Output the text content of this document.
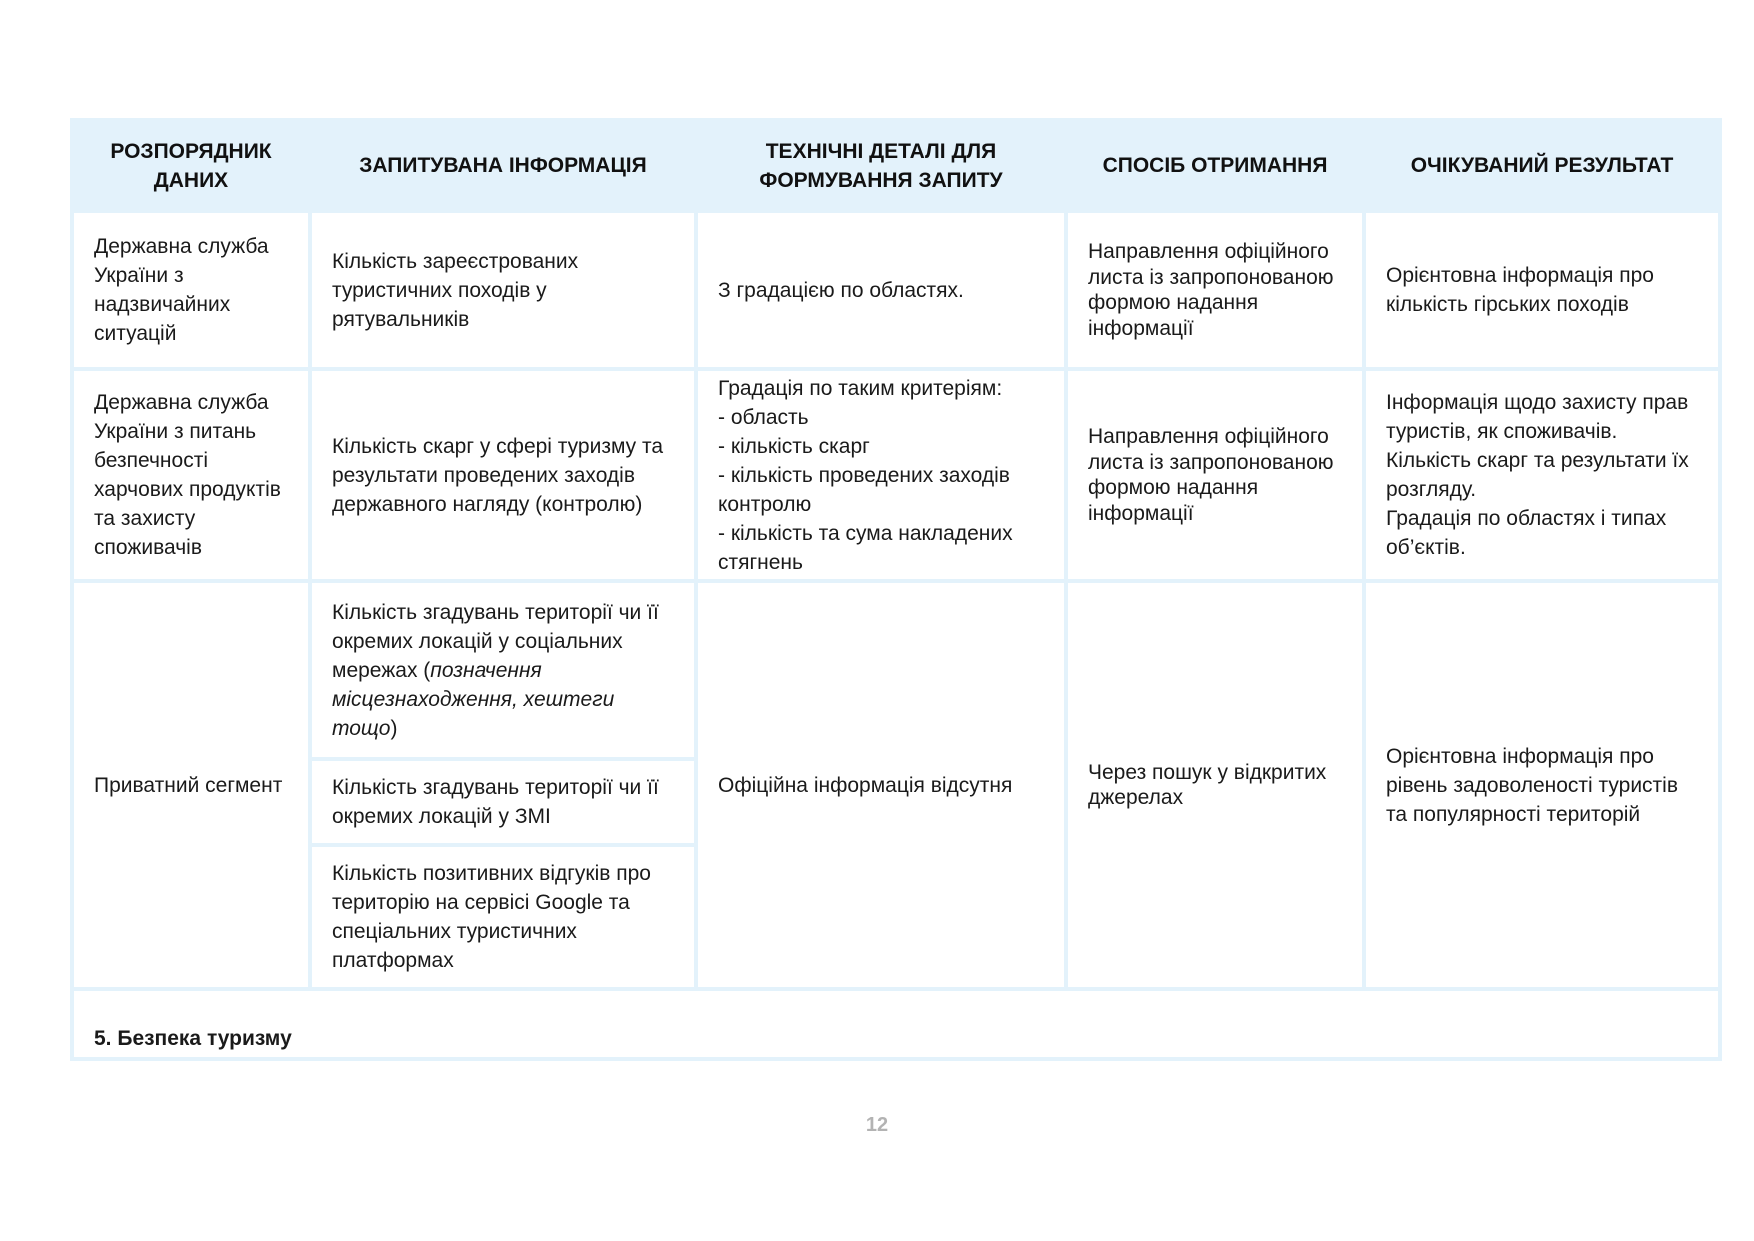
РОЗПОРЯДНИК ДАНИХ	ЗАПИТУВАНА ІНФОРМАЦІЯ	ТЕХНІЧНІ ДЕТАЛІ ДЛЯ ФОРМУВАННЯ ЗАПИТУ	СПОСІБ ОТРИМАННЯ	ОЧІКУВАНИЙ РЕЗУЛЬТАТ
Державна служба України з надзвичайних ситуацій	Кількість зареєстрованих туристичних походів у рятувальників	З градацією по областях.	Направлення офіційного листа із запропонованою формою надання інформації	Орієнтовна інформація про кількість гірських походів
Державна служба України з питань безпечності харчових продуктів та захисту споживачів	Кількість скарг у сфері туризму та результати проведених заходів державного нагляду (контролю)	Градація по таким критеріям:
- область
- кількість скарг
- кількість проведених заходів контролю
- кількість та сума накладених стягнень	Направлення офіційного листа із запропонованою формою надання інформації	Інформація щодо захисту прав туристів, як споживачів.
Кількість скарг та результати їх розгляду.
Градація по областях і типах об’єктів.

Приватний сегмент	Кількість згадувань території чи її окремих локацій у соціальних мережах (позначення місцезнаходження, хештеги тощо)	Офіційна інформація відсутня	Через пошук у відкритих джерелах	Орієнтовна інформація про рівень задоволеності туристів та популярності територій
	Кількість згадувань території чи її окремих локацій у ЗМІ			
	Кількість позитивних відгуків про територію на сервісі Google та спеціальних туристичних платформах			
5. Безпека туризму				
12
